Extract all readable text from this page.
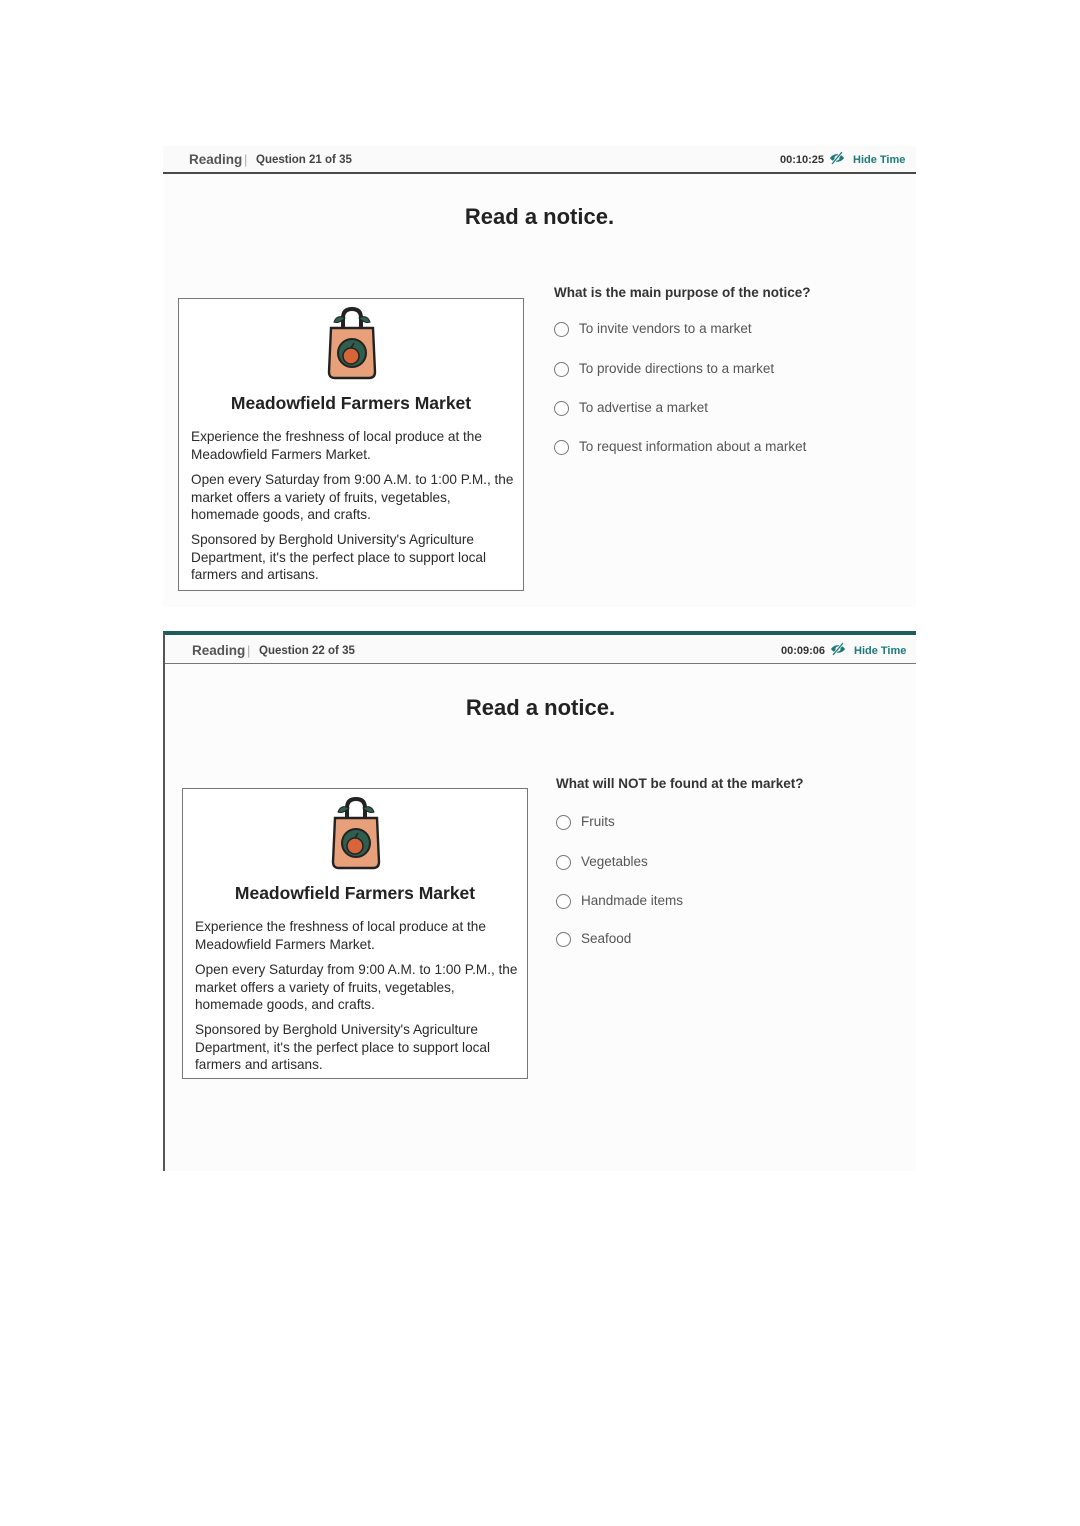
Reading | Question 21 of 35	00:10:25	Hide Time
Read a notice.
Meadowfield Farmers Market
Experience the freshness of local produce at the Meadowfield Farmers Market.
Open every Saturday from 9:00 A.M. to 1:00 P.M., the market offers a variety of fruits, vegetables, homemade goods, and crafts.
Sponsored by Berghold University's Agriculture Department, it's the perfect place to support local farmers and artisans.
What is the main purpose of the notice?
To invite vendors to a market
To provide directions to a market
To advertise a market
To request information about a market
Reading | Question 22 of 35	00:09:06	Hide Time
Read a notice.
Meadowfield Farmers Market
Experience the freshness of local produce at the Meadowfield Farmers Market.
Open every Saturday from 9:00 A.M. to 1:00 P.M., the market offers a variety of fruits, vegetables, homemade goods, and crafts.
Sponsored by Berghold University's Agriculture Department, it's the perfect place to support local farmers and artisans.
What will NOT be found at the market?
Fruits
Vegetables
Handmade items
Seafood
